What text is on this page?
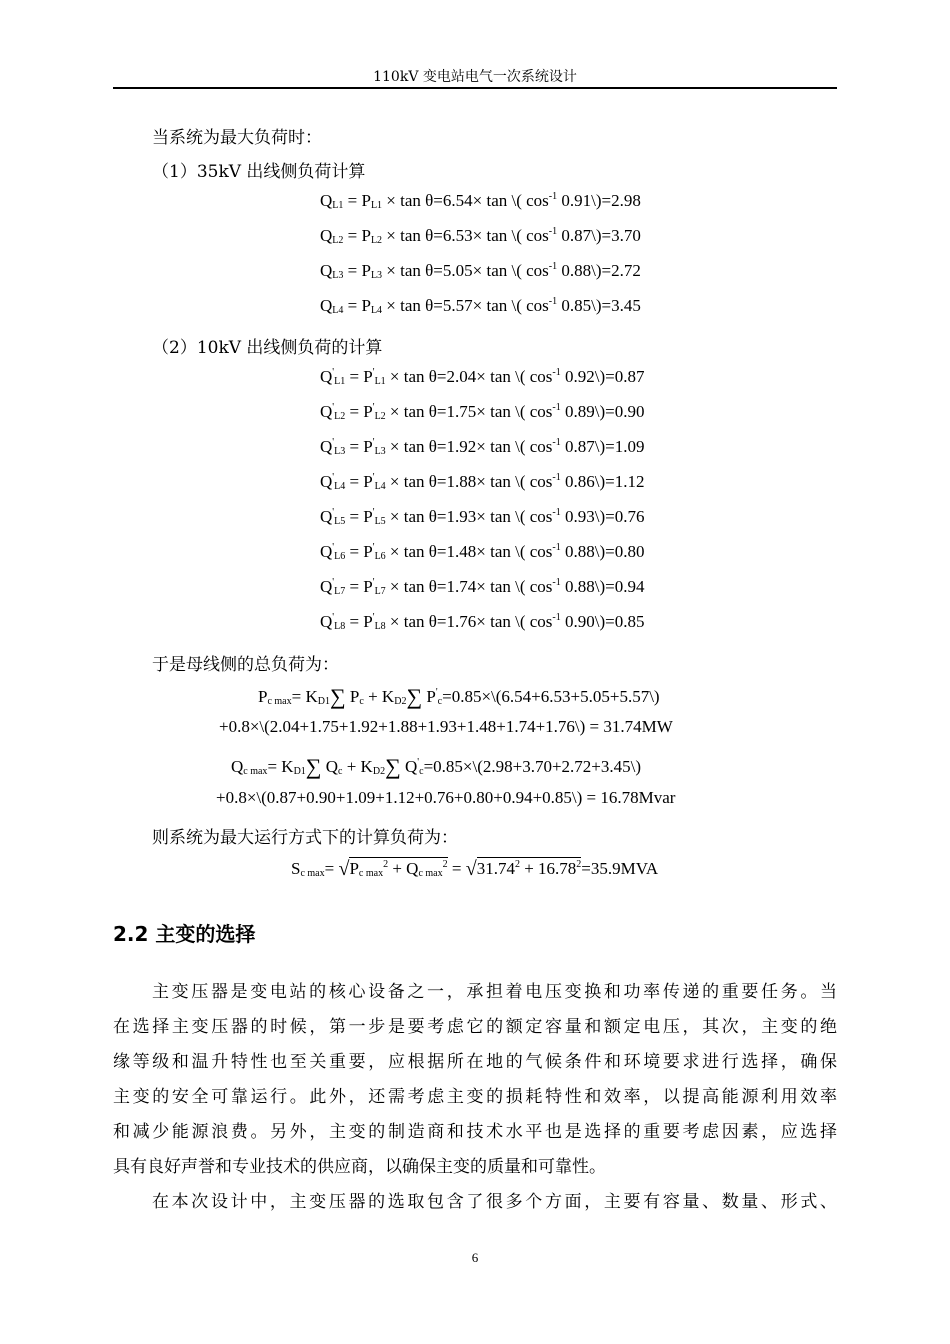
110kV 变电站电气一次系统设计
当系统为最大负荷时：
（1）35kV 出线侧负荷计算
$Q_{L1} = P_{L1} \times \tan \theta=6.54\times \tan$ \( $\cos^{-1}$ 0.91\)=2.98
$Q_{L2} = P_{L2} \times \tan \theta=6.53\times \tan$ \( $\cos^{-1}$ 0.87\)=3.70
$Q_{L3} = P_{L3} \times \tan \theta=5.05\times \tan$ \( $\cos^{-1}$ 0.88\)=2.72
$Q_{L4} = P_{L4} \times \tan \theta=5.57\times \tan$ \( $\cos^{-1}$ 0.85\)=3.45
（2）10kV 出线侧负荷的计算
$Q'_{L1} = P'_{L1} \times \tan \theta=2.04\times \tan$ \( $\cos^{-1}$ 0.92\)=0.87
$Q'_{L2} = P'_{L2} \times \tan \theta=1.75\times \tan$ \( $\cos^{-1}$ 0.89\)=0.90
$Q'_{L3} = P'_{L3} \times \tan \theta=1.92\times \tan$ \( $\cos^{-1}$ 0.87\)=1.09
$Q'_{L4} = P'_{L4} \times \tan \theta=1.88\times \tan$ \( $\cos^{-1}$ 0.86\)=1.12
$Q'_{L5} = P'_{L5} \times \tan \theta=1.93\times \tan$ \( $\cos^{-1}$ 0.93\)=0.76
$Q'_{L6} = P'_{L6} \times \tan \theta=1.48\times \tan$ \( $\cos^{-1}$ 0.88\)=0.80
$Q'_{L7} = P'_{L7} \times \tan \theta=1.74\times \tan$ \( $\cos^{-1}$ 0.88\)=0.94
$Q'_{L8} = P'_{L8} \times \tan \theta=1.76\times \tan$ \( $\cos^{-1}$ 0.90\)=0.85
于是母线侧的总负荷为：
$P_{c max}= K_{D1}\sum$ $P_c + K_{D2}\sum$ $P'_c=0.85\times\backslash(6.54+6.53+5.05+5.57\backslash)$
+0.8×\(2.04+1.75+1.92+1.88+1.93+1.48+1.74+1.76\) = 31.74MW
$Q_{c max}= K_{D1}\sum$ $Q_c + K_{D2}\sum$ $Q'_c=0.85\times\backslash(2.98+3.70+2.72+3.45\backslash)$
+0.8×\(0.87+0.90+1.09+1.12+0.76+0.80+0.94+0.85\) = 16.78Mvar
则系统为最大运行方式下的计算负荷为：
$S_{c max}= √P_{c max}^2 + Q_{c max}^2 = √31.74^2 + 16.78^2=35.9MVA$
2.2 主变的选择
主变压器是变电站的核心设备之一，承担着电压变换和功率传递的重要任务。当
在选择主变压器的时候，第一步是要考虑它的额定容量和额定电压，其次，主变的绝
缘等级和温升特性也至关重要，应根据所在地的气候条件和环境要求进行选择，确保
主变的安全可靠运行。此外，还需考虑主变的损耗特性和效率，以提高能源利用效率
和减少能源浪费。另外，主变的制造商和技术水平也是选择的重要考虑因素，应选择
具有良好声誉和专业技术的供应商，以确保主变的质量和可靠性。
在本次设计中，主变压器的选取包含了很多个方面，主要有容量、数量、形式、
6
